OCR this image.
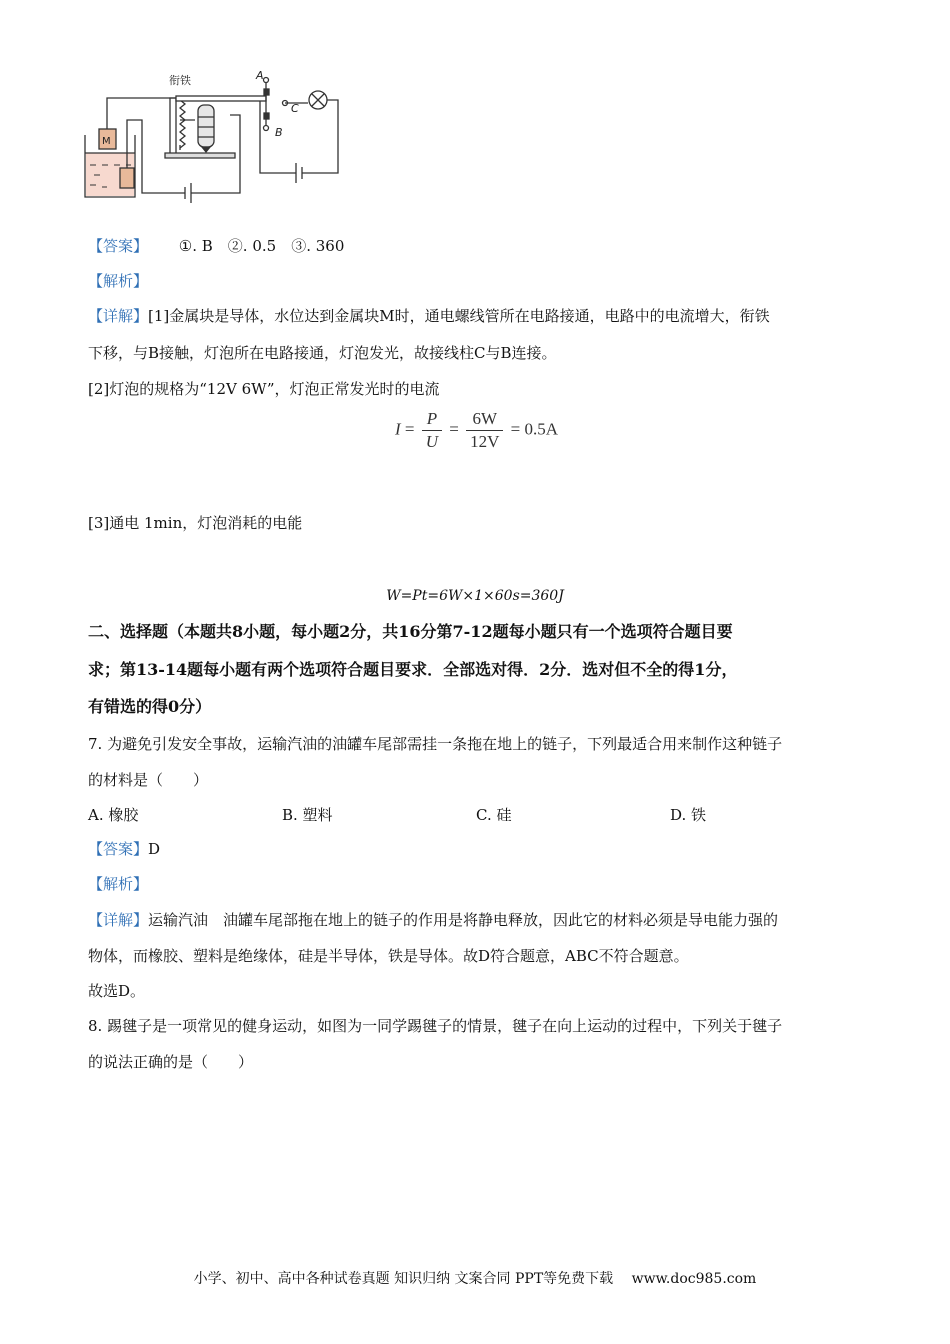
衔铁	A
C
B
M
【答案】 ①. B　②. 0.5　③. 360
【解析】
【详解】[1]金属块是导体，水位达到金属块M时，通电螺线管所在电路接通，电路中的电流增大，衔铁
下移，与B接触，灯泡所在电路接通，灯泡发光，故接线柱C与B连接。
[2]灯泡的规格为“12V 6W”，灯泡正常发光时的电流
$I = \frac{P}{U} = \frac{6W}{12V} = 0.5A$
[3]通电 1min，灯泡消耗的电能
W=Pt=6W×1×60s=360J
二、选择题（本题共8小题，每小题2分，共16分第7-12题每小题只有一个选项符合题目要
求；第13-14题每小题有两个选项符合题目要求．全部选对得．2分．选对但不全的得1分，
有错选的得0分）
7. 为避免引发安全事故，运输汽油的油罐车尾部需挂一条拖在地上的链子，下列最适合用来制作这种链子
的材料是（　　）
A. 橡胶	B. 塑料	C. 硅	D. 铁
【答案】D
【解析】
【详解】运输汽油　油罐车尾部拖在地上的链子的作用是将静电释放，因此它的材料必须是导电能力强的
物体，而橡胶、塑料是绝缘体，硅是半导体，铁是导体。故D符合题意，ABC不符合题意。
故选D。
8. 踢毽子是一项常见的健身运动，如图为一同学踢毽子的情景，毽子在向上运动的过程中，下列关于毽子
的说法正确的是（　　）
小学、初中、高中各种试卷真题 知识归纳 文案合同 PPT等免费下载　 www.doc985.com
